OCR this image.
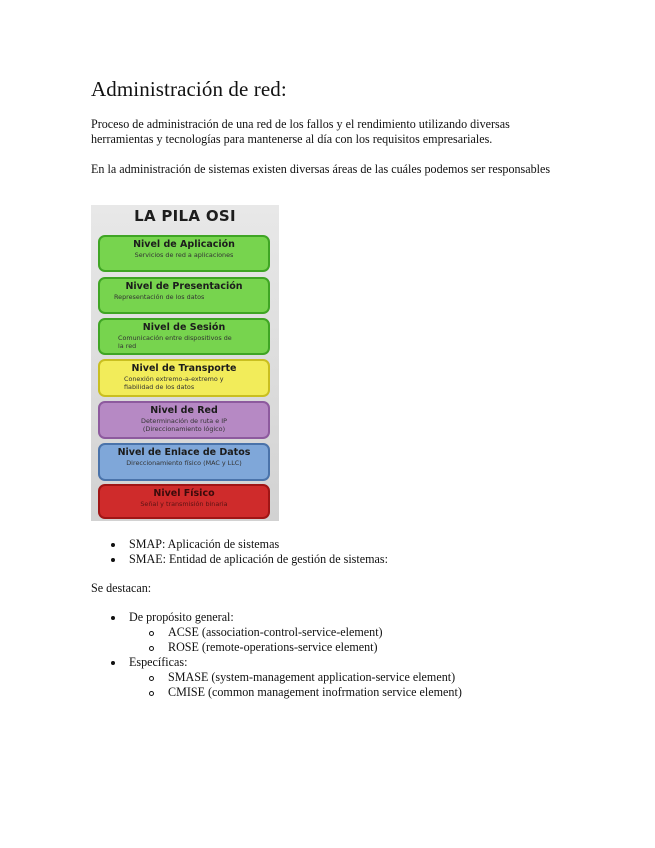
Administración de red:

Proceso de administración de una red de los fallos y el rendimiento utilizando diversas herramientas y tecnologías para mantenerse al día con los requisitos empresariales.

En la administración de sistemas existen diversas áreas de las cuáles podemos ser responsables

LA PILA OSI
Nivel de Aplicación
Servicios de red a aplicaciones
Nivel de Presentación
Representación de los datos
Nivel de Sesión
Comunicación entre dispositivos de la red
Nivel de Transporte
Conexión extremo-a-extremo y fiabilidad de los datos
Nivel de Red
Determinación de ruta e IP (Direccionamiento lógico)
Nivel de Enlace de Datos
Direccionamiento físico (MAC y LLC)
Nivel Físico
Señal y transmisión binaria
SMAP: Aplicación de sistemas
SMAE: Entidad de aplicación de gestión de sistemas:

Se destacan:

De propósito general:
ACSE (association-control-service-element)
ROSE (remote-operations-service element)
Específicas:
SMASE (system-management application-service element)
CMISE (common management inofrmation service element)
